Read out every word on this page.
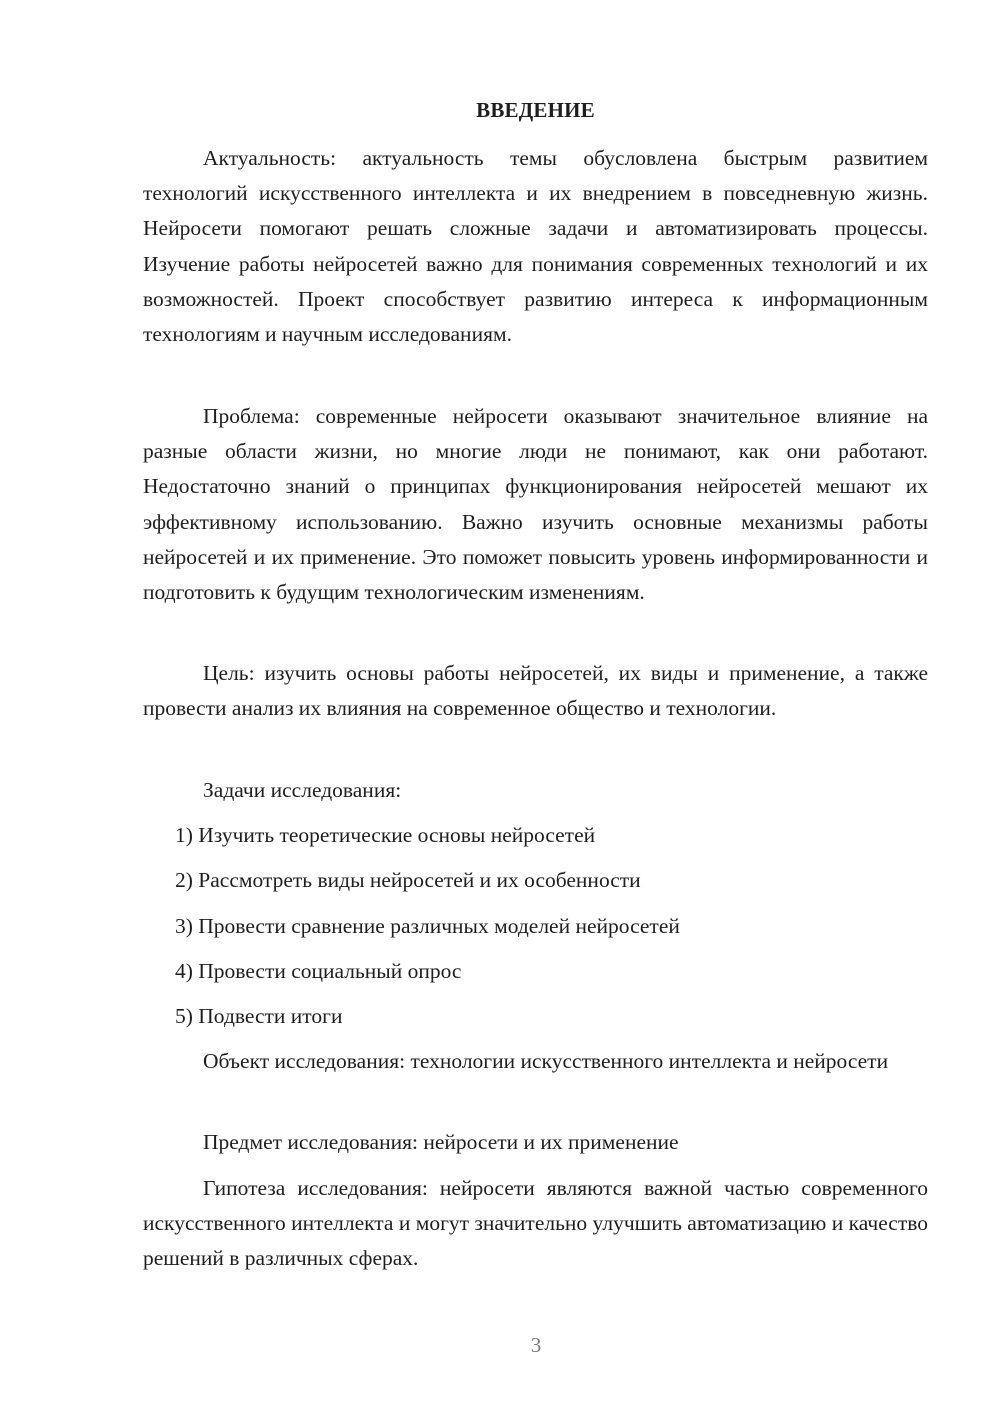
ВВЕДЕНИЕ

Актуальность: актуальность темы обусловлена быстрым развитием технологий искусственного интеллекта и их внедрением в повседневную жизнь. Нейросети помогают решать сложные задачи и автоматизировать процессы. Изучение работы нейросетей важно для понимания современных технологий и их возможностей. Проект способствует развитию интереса к информационным технологиям и научным исследованиям.

Проблема: современные нейросети оказывают значительное влияние на разные области жизни, но многие люди не понимают, как они работают. Недостаточно знаний о принципах функционирования нейросетей мешают их эффективному использованию. Важно изучить основные механизмы работы нейросетей и их применение. Это поможет повысить уровень информированности и подготовить к будущим технологическим изменениям.

Цель: изучить основы работы нейросетей, их виды и применение, а также провести анализ их влияния на современное общество и технологии.

Задачи исследования:

1) Изучить теоретические основы нейросетей

2) Рассмотреть виды нейросетей и их особенности

3) Провести сравнение различных моделей нейросетей

4) Провести социальный опрос

5) Подвести итоги

Объект исследования: технологии искусственного интеллекта и нейросети

Предмет исследования: нейросети и их применение

Гипотеза исследования: нейросети являются важной частью современного искусственного интеллекта и могут значительно улучшить автоматизацию и качество решений в различных сферах.

3
